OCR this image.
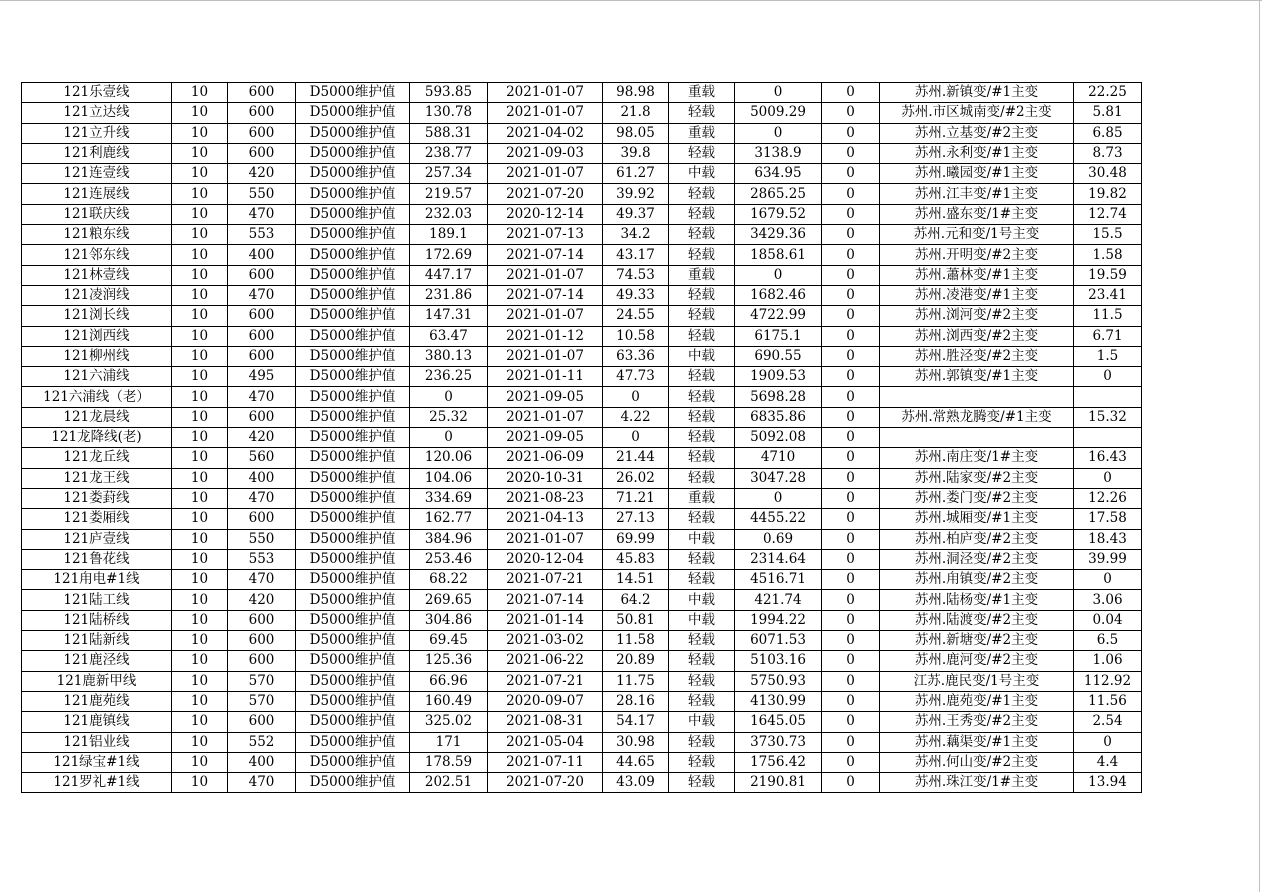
121乐壹线	10	600	D5000维护值	593.85	2021-01-07	98.98	重载	0	0	苏州.新镇变/#1主变	22.25
121立达线	10	600	D5000维护值	130.78	2021-01-07	21.8	轻载	5009.29	0	苏州.市区城南变/#2主变	5.81
121立升线	10	600	D5000维护值	588.31	2021-04-02	98.05	重载	0	0	苏州.立基变/#2主变	6.85
121利鹿线	10	600	D5000维护值	238.77	2021-09-03	39.8	轻载	3138.9	0	苏州.永利变/#1主变	8.73
121连壹线	10	420	D5000维护值	257.34	2021-01-07	61.27	中载	634.95	0	苏州.曦园变/#1主变	30.48
121连展线	10	550	D5000维护值	219.57	2021-07-20	39.92	轻载	2865.25	0	苏州.江丰变/#1主变	19.82
121联庆线	10	470	D5000维护值	232.03	2020-12-14	49.37	轻载	1679.52	0	苏州.盛东变/1#主变	12.74
121粮东线	10	553	D5000维护值	189.1	2021-07-13	34.2	轻载	3429.36	0	苏州.元和变/1号主变	15.5
121邻东线	10	400	D5000维护值	172.69	2021-07-14	43.17	轻载	1858.61	0	苏州.开明变/#2主变	1.58
121林壹线	10	600	D5000维护值	447.17	2021-01-07	74.53	重载	0	0	苏州.蕭林变/#1主变	19.59
121凌润线	10	470	D5000维护值	231.86	2021-07-14	49.33	轻载	1682.46	0	苏州.凌港变/#1主变	23.41
121浏长线	10	600	D5000维护值	147.31	2021-01-07	24.55	轻载	4722.99	0	苏州.浏河变/#2主变	11.5
121浏西线	10	600	D5000维护值	63.47	2021-01-12	10.58	轻载	6175.1	0	苏州.浏西变/#2主变	6.71
121柳州线	10	600	D5000维护值	380.13	2021-01-07	63.36	中载	690.55	0	苏州.胜泾变/#2主变	1.5
121六浦线	10	495	D5000维护值	236.25	2021-01-11	47.73	轻载	1909.53	0	苏州.郭镇变/#1主变	0
121六浦线（老）	10	470	D5000维护值	0	2021-09-05	0	轻载	5698.28	0		
121龙晨线	10	600	D5000维护值	25.32	2021-01-07	4.22	轻载	6835.86	0	苏州.常熟龙腾变/#1主变	15.32
121龙降线(老)	10	420	D5000维护值	0	2021-09-05	0	轻载	5092.08	0		
121龙丘线	10	560	D5000维护值	120.06	2021-06-09	21.44	轻载	4710	0	苏州.南庄变/1#主变	16.43
121龙王线	10	400	D5000维护值	104.06	2020-10-31	26.02	轻载	3047.28	0	苏州.陆家变/#2主变	0
121娄葑线	10	470	D5000维护值	334.69	2021-08-23	71.21	重载	0	0	苏州.娄门变/#2主变	12.26
121娄厢线	10	600	D5000维护值	162.77	2021-04-13	27.13	轻载	4455.22	0	苏州.城厢变/#1主变	17.58
121庐壹线	10	550	D5000维护值	384.96	2021-01-07	69.99	中载	0.69	0	苏州.柏庐变/#2主变	18.43
121鲁花线	10	553	D5000维护值	253.46	2020-12-04	45.83	轻载	2314.64	0	苏州.洞泾变/#2主变	39.99
121甪电#1线	10	470	D5000维护值	68.22	2021-07-21	14.51	轻载	4516.71	0	苏州.甪镇变/#2主变	0
121陆工线	10	420	D5000维护值	269.65	2021-07-14	64.2	中载	421.74	0	苏州.陆杨变/#1主变	3.06
121陆桥线	10	600	D5000维护值	304.86	2021-01-14	50.81	中载	1994.22	0	苏州.陆渡变/#2主变	0.04
121陆新线	10	600	D5000维护值	69.45	2021-03-02	11.58	轻载	6071.53	0	苏州.新塘变/#2主变	6.5
121鹿泾线	10	600	D5000维护值	125.36	2021-06-22	20.89	轻载	5103.16	0	苏州.鹿河变/#2主变	1.06
121鹿新甲线	10	570	D5000维护值	66.96	2021-07-21	11.75	轻载	5750.93	0	江苏.鹿民变/1号主变	112.92
121鹿苑线	10	570	D5000维护值	160.49	2020-09-07	28.16	轻载	4130.99	0	苏州.鹿苑变/#1主变	11.56
121鹿镇线	10	600	D5000维护值	325.02	2021-08-31	54.17	中载	1645.05	0	苏州.王秀变/#2主变	2.54
121铝业线	10	552	D5000维护值	171	2021-05-04	30.98	轻载	3730.73	0	苏州.藕渠变/#1主变	0
121绿宝#1线	10	400	D5000维护值	178.59	2021-07-11	44.65	轻载	1756.42	0	苏州.何山变/#2主变	4.4
121罗礼#1线	10	470	D5000维护值	202.51	2021-07-20	43.09	轻载	2190.81	0	苏州.珠江变/1#主变	13.94
